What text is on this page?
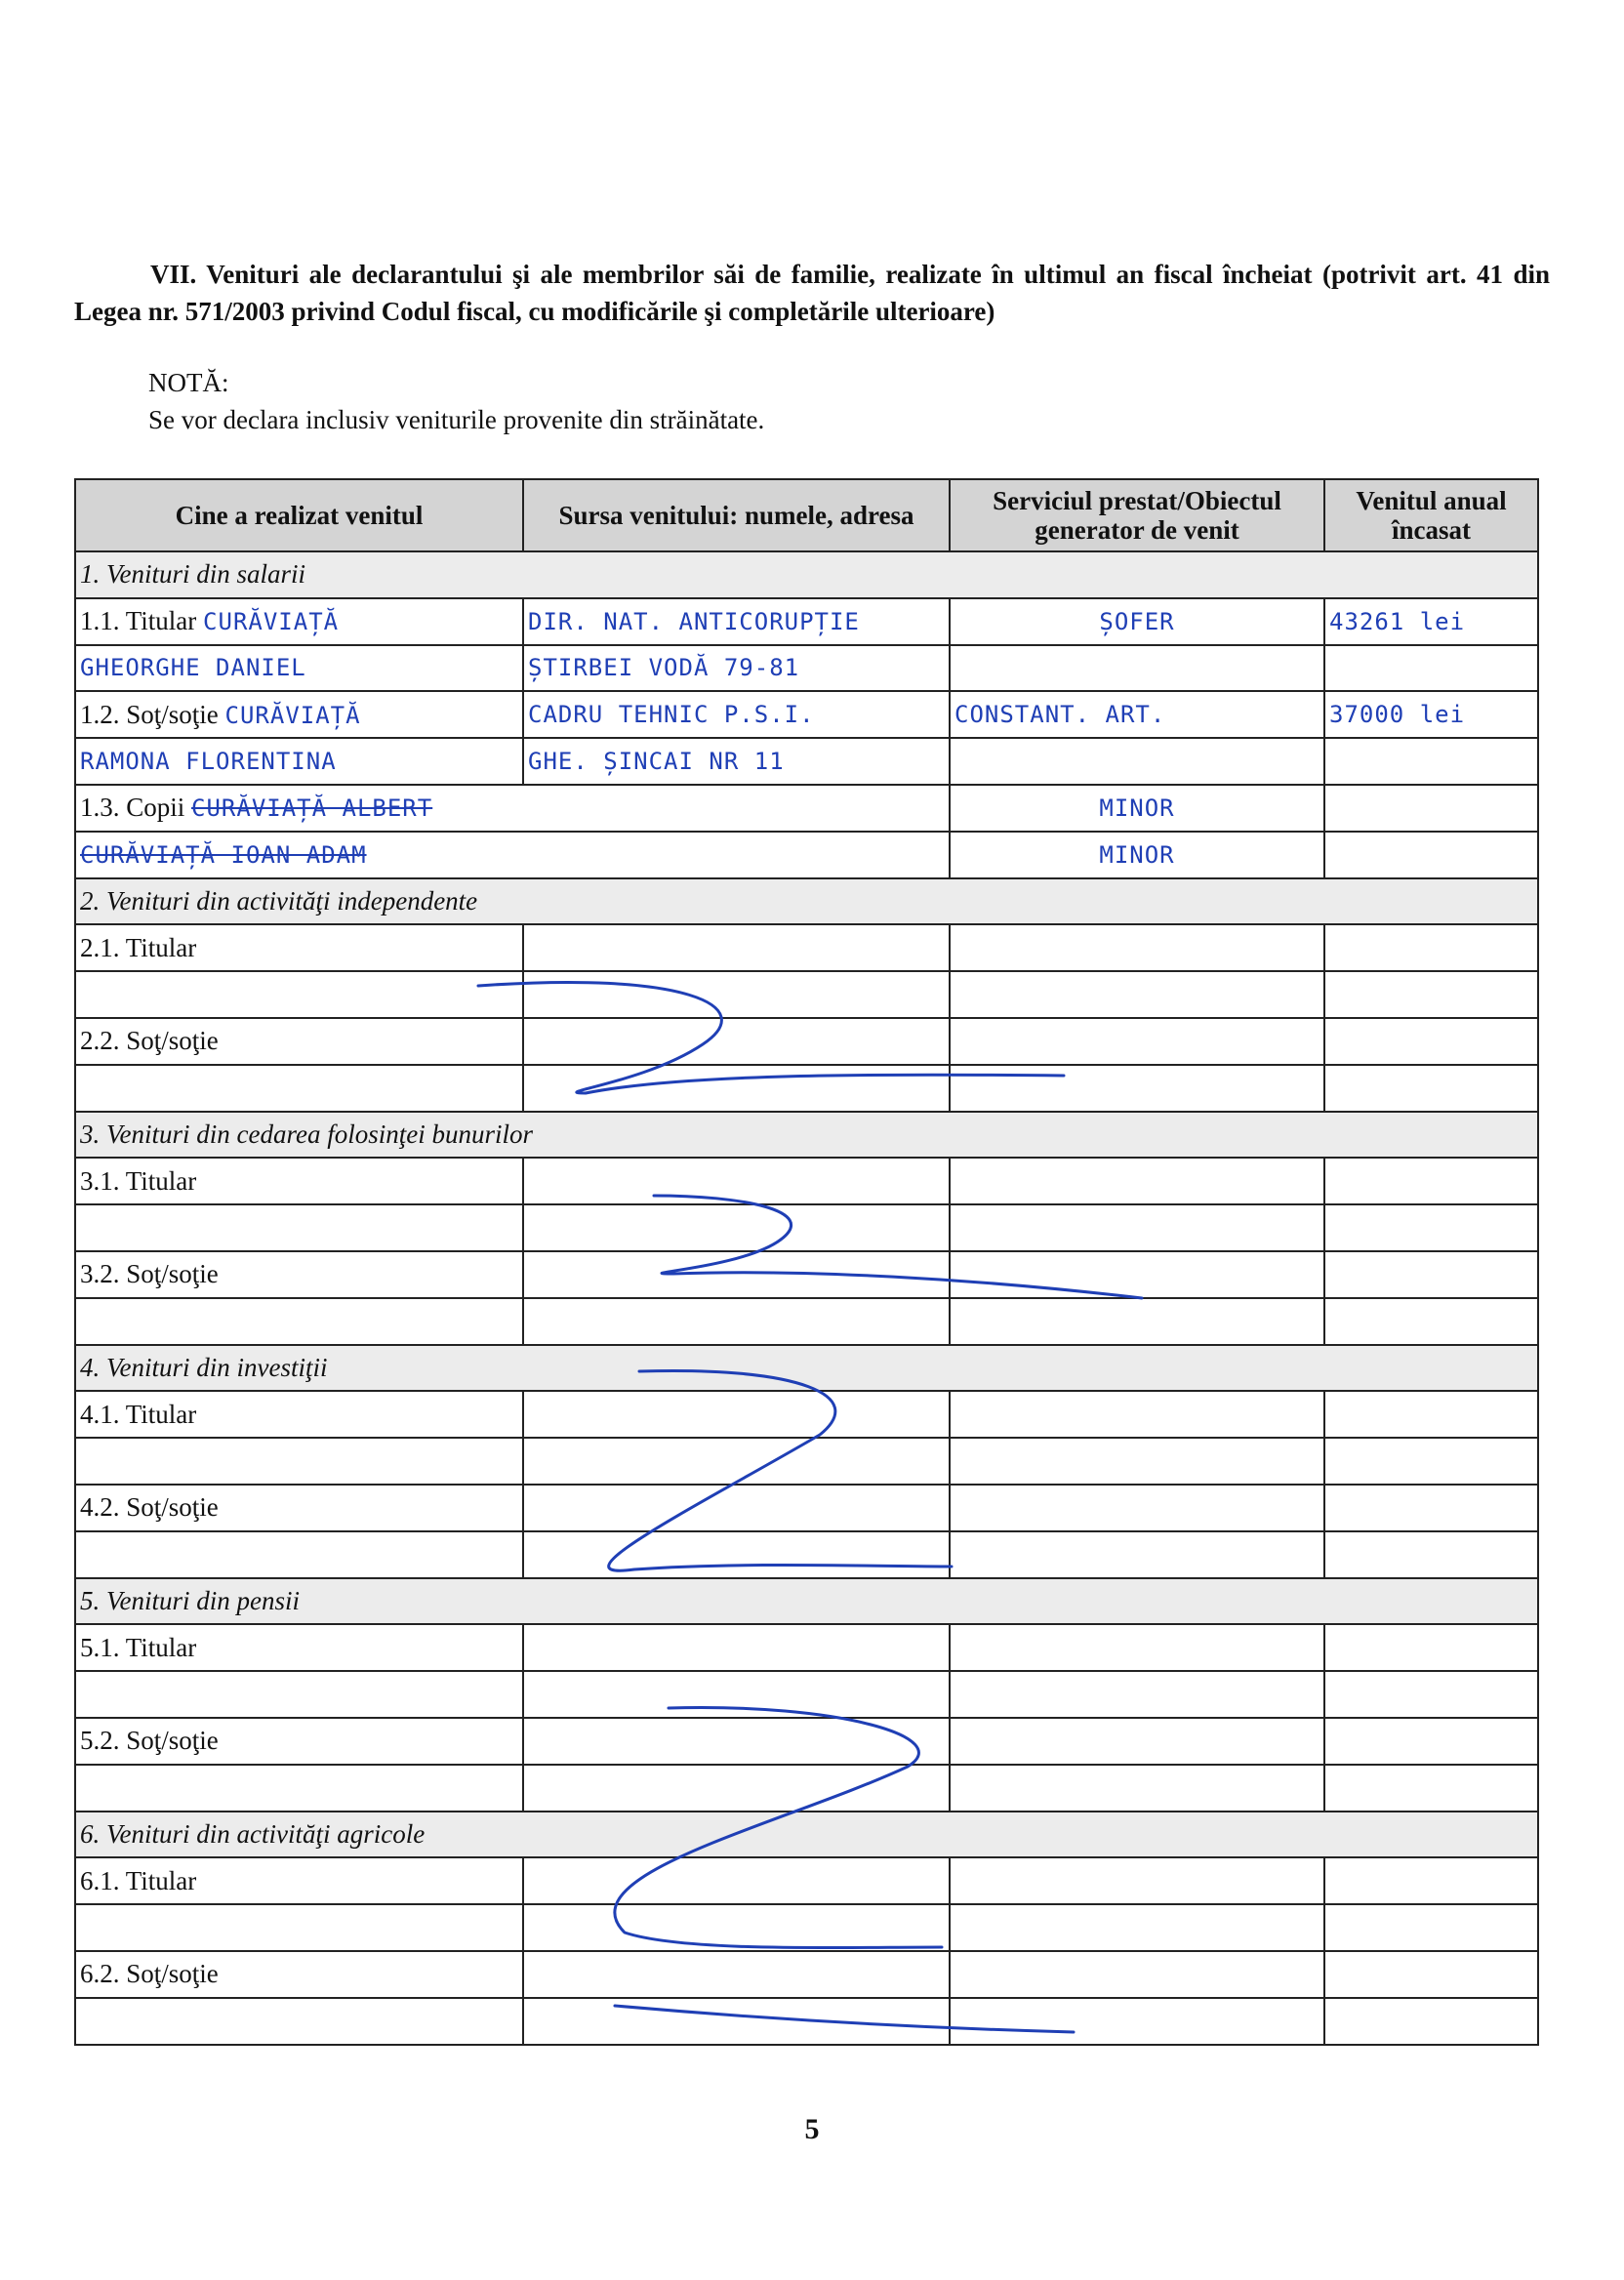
VII. Venituri ale declarantului şi ale membrilor săi de familie, realizate în ultimul an fiscal încheiat (potrivit art. 41 din Legea nr. 571/2003 privind Codul fiscal, cu modificările şi completările ulterioare)

NOTĂ:

Se vor declara inclusiv veniturile provenite din străinătate.

Cine a realizat venitul	Sursa venitului: numele, adresa	Serviciul prestat/Obiectul generator de venit	Venitul anual încasat
1. Venituri din salarii			
1.1. Titular CURĂVIAȚĂ	DIR. NAT. ANTICORUPȚIE	ȘOFER	43261 lei
GHEORGHE DANIEL	ȘTIRBEI VODĂ 79-81		
1.2. Soţ/soţie CURĂVIAȚĂ	CADRU TEHNIC P.S.I.	CONSTANT. ART.	37000 lei
RAMONA FLORENTINA	GHE. ȘINCAI NR 11		
1.3. Copii CURĂVIAȚĂ ALBERT		MINOR	
CURĂVIAȚĂ IOAN ADAM		MINOR	
2. Venituri din activităţi independente			
2.1. Titular			

2.2. Soţ/soţie			

3. Venituri din cedarea folosinţei bunurilor			
3.1. Titular			

3.2. Soţ/soţie			

4. Venituri din investiţii			
4.1. Titular			

4.2. Soţ/soţie			

5. Venituri din pensii			
5.1. Titular			

5.2. Soţ/soţie			

6. Venituri din activităţi agricole			
6.1. Titular			

6.2. Soţ/soţie			

5
